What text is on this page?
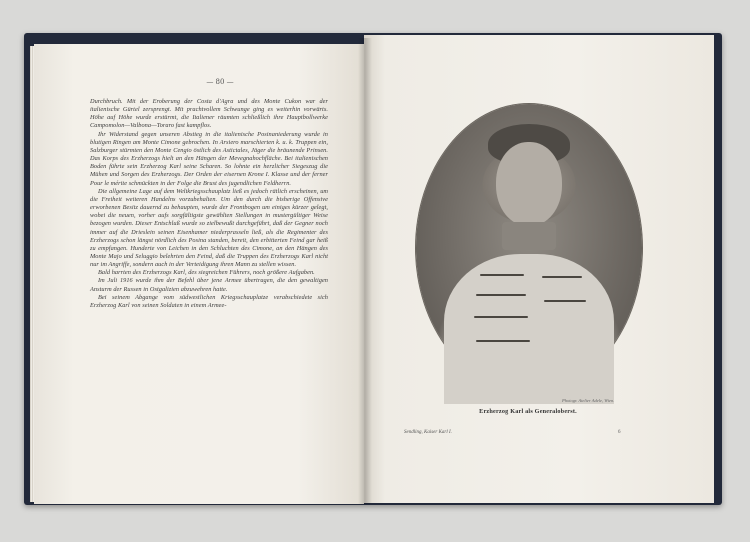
— 80 —

Durchbruch. Mit der Eroberung der Costa d'Agra und des Monte Cukon war der italienische Gürtel zersprengt. Mit prachtvollem Schwunge ging es weiterhin vorwärts. Höhe auf Höhe wurde erstürmt, die Italiener räumten schließlich ihre Hauptbollwerke Campomolon—Valbona—Toraro fast kampflos.

Ihr Widerstand gegen unseren Abstieg in die italienische Posinaniederung wurde in blutigen Ringen am Monte Cimone gebrochen. In Arsiero marschierten k. u. k. Truppen ein, Salzburger stürmten den Monte Cengio östlich des Astictales, Jäger die bräunende Prinsen. Das Korps des Erzherzogs hielt an den Hängen der Mevegnahochfläche. Bei italienischen Boden führte sein Erzherzog Karl seine Scharen. So lohnte ein herzlicher Siegeszug die Mühen und Sorgen des Erzherzogs. Der Orden der eisernen Krone I. Klasse und der ferner Pour le mérite schmückten in der Folge die Brust des jugendlichen Feldherrn.

Die allgemeine Lage auf dem Weltkriegsschauplatz ließ es jedoch rätlich erscheinen, um die Freiheit weiteren Handelns vorzubehalten. Um den durch die bisherige Offensive erworbenen Besitz dauernd zu behaupten, wurde der Frontbogen um einiges kürzer gelegt, wobei die neuen, vorher aufs sorgfältigste gewählten Stellungen in mustergültiger Weise bezogen wurden. Dieser Entschluß wurde so zielbewußt durchgeführt, daß der Gegner noch immer auf die Drieslein seinen Eisenhamer niederprasseln ließ, als die Regimenter des Erzherzogs schon längst nördlich des Posina standen, bereit, den erbitterten Feind gar heiß zu empfangen. Hunderte von Leichen in den Schluchten des Cimone, an den Hängen des Monte Majo und Seluggio belehrten den Feind, daß die Truppen des Erzherzogs Karl nicht nur im Angriffe, sondern auch in der Verteidigung ihren Mann zu stellen wissen.

Bald harrten des Erzherzogs Karl, des siegreichen Führers, noch größere Aufgaben.

Im Juli 1916 wurde ihm der Befehl über jene Armee übertragen, die den gewaltigen Ansturm der Russen in Ostgalizien abzuwehren hatte.

Bei seinem Abgange vom südwestlichen Kriegsschauplatze verabschiedete sich Erzherzog Karl von seinen Soldaten in einem Armee-

Photogr. Atelier Adele, Wien.
Erzherzog Karl als Generaloberst.
Sendling, Kaiser Karl I.	6
